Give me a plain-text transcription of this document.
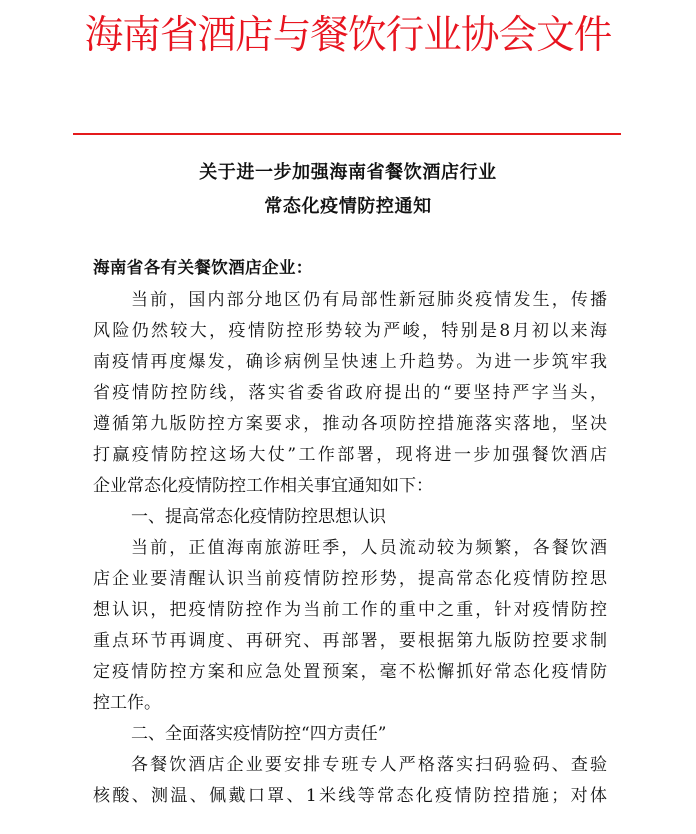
海南省酒店与餐饮行业协会文件
关于进一步加强海南省餐饮酒店行业
常态化疫情防控通知
海南省各有关餐饮酒店企业：
当前，国内部分地区仍有局部性新冠肺炎疫情发生，传播
风险仍然较大，疫情防控形势较为严峻，特别是8月初以来海
南疫情再度爆发，确诊病例呈快速上升趋势。为进一步筑牢我
省疫情防控防线，落实省委省政府提出的“要坚持严字当头，
遵循第九版防控方案要求，推动各项防控措施落实落地，坚决
打赢疫情防控这场大仗”工作部署，现将进一步加强餐饮酒店
企业常态化疫情防控工作相关事宜通知如下：
一、提高常态化疫情防控思想认识
当前，正值海南旅游旺季，人员流动较为频繁，各餐饮酒
店企业要清醒认识当前疫情防控形势，提高常态化疫情防控思
想认识，把疫情防控作为当前工作的重中之重，针对疫情防控
重点环节再调度、再研究、再部署，要根据第九版防控要求制
定疫情防控方案和应急处置预案，毫不松懈抓好常态化疫情防
控工作。
二、全面落实疫情防控“四方责任”
各餐饮酒店企业要安排专班专人严格落实扫码验码、查验
核酸、测温、佩戴口罩、1米线等常态化疫情防控措施；对体
